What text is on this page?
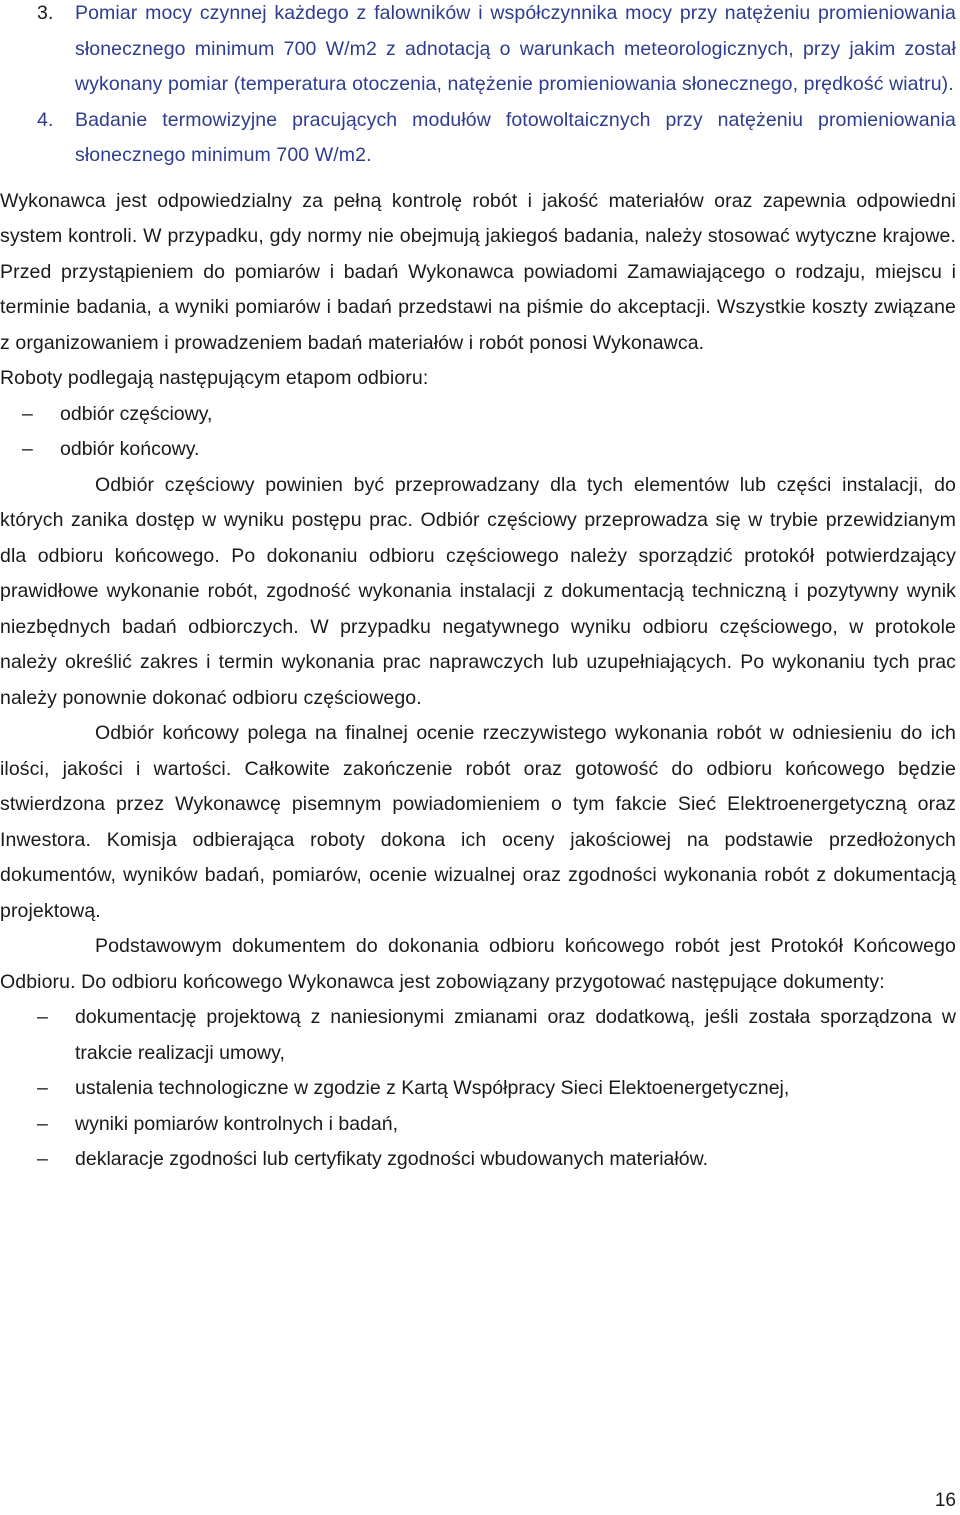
3. Pomiar mocy czynnej każdego z falowników i współczynnika mocy przy natężeniu promieniowania słonecznego minimum 700 W/m2 z adnotacją o warunkach meteorologicznych, przy jakim został wykonany pomiar (temperatura otoczenia, natężenie promieniowania słonecznego, prędkość wiatru).
4. Badanie termowizyjne pracujących modułów fotowoltaicznych przy natężeniu promieniowania słonecznego minimum 700 W/m2.

Wykonawca jest odpowiedzialny za pełną kontrolę robót i jakość materiałów oraz zapewnia odpowiedni system kontroli. W przypadku, gdy normy nie obejmują jakiegoś badania, należy stosować wytyczne krajowe. Przed przystąpieniem do pomiarów i badań Wykonawca powiadomi Zamawiającego o rodzaju, miejscu i terminie badania, a wyniki pomiarów i badań przedstawi na piśmie do akceptacji. Wszystkie koszty związane z organizowaniem i prowadzeniem badań materiałów i robót ponosi Wykonawca.

Roboty podlegają następującym etapom odbioru:

– odbiór częściowy,
– odbiór końcowy.

Odbiór częściowy powinien być przeprowadzany dla tych elementów lub części instalacji, do których zanika dostęp w wyniku postępu prac. Odbiór częściowy przeprowadza się w trybie przewidzianym dla odbioru końcowego. Po dokonaniu odbioru częściowego należy sporządzić protokół potwierdzający prawidłowe wykonanie robót, zgodność wykonania instalacji z dokumentacją techniczną i pozytywny wynik niezbędnych badań odbiorczych. W przypadku negatywnego wyniku odbioru częściowego, w protokole należy określić zakres i termin wykonania prac naprawczych lub uzupełniających. Po wykonaniu tych prac należy ponownie dokonać odbioru częściowego.

Odbiór końcowy polega na finalnej ocenie rzeczywistego wykonania robót w odniesieniu do ich ilości, jakości i wartości. Całkowite zakończenie robót oraz gotowość do odbioru końcowego będzie stwierdzona przez Wykonawcę pisemnym powiadomieniem o tym fakcie Sieć Elektroenergetyczną oraz Inwestora. Komisja odbierająca roboty dokona ich oceny jakościowej na podstawie przedłożonych dokumentów, wyników badań, pomiarów, ocenie wizualnej oraz zgodności wykonania robót z dokumentacją projektową.

Podstawowym dokumentem do dokonania odbioru końcowego robót jest Protokół Końcowego Odbioru. Do odbioru końcowego Wykonawca jest zobowiązany przygotować następujące dokumenty:

– dokumentację projektową z naniesionymi zmianami oraz dodatkową, jeśli została sporządzona w trakcie realizacji umowy,
– ustalenia technologiczne w zgodzie z Kartą Współpracy Sieci Elektoenergetycznej,
– wyniki pomiarów kontrolnych i badań,
– deklaracje zgodności lub certyfikaty zgodności wbudowanych materiałów.
16
